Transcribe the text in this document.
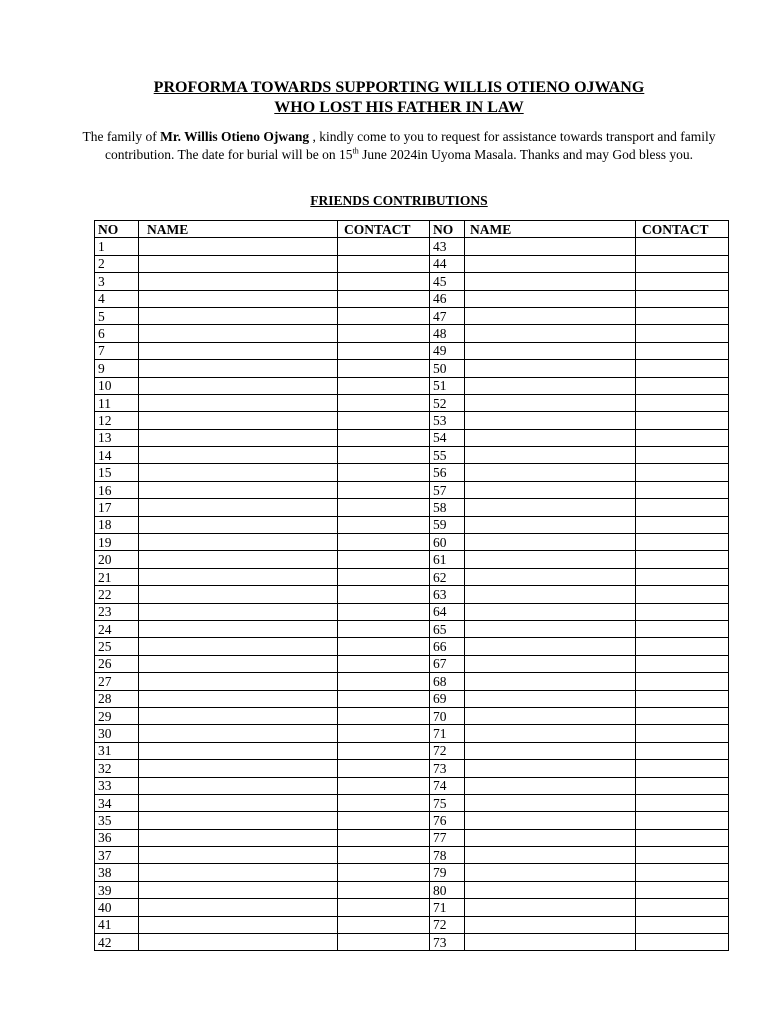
PROFORMA TOWARDS SUPPORTING WILLIS OTIENO OJWANG
WHO LOST HIS FATHER IN LAW
The family of Mr. Willis Otieno Ojwang , kindly come to you to request for assistance towards transport and family contribution. The date for burial will be on 15th June 2024in Uyoma Masala. Thanks and may God bless you.
FRIENDS CONTRIBUTIONS
NO	NAME	CONTACT	NO	NAME	CONTACT
1			43		
2			44		
3			45		
4			46		
5			47		
6			48		
7			49		
9			50		
10			51		
11			52		
12			53		
13			54		
14			55		
15			56		
16			57		
17			58		
18			59		
19			60		
20			61		
21			62		
22			63		
23			64		
24			65		
25			66		
26			67		
27			68		
28			69		
29			70		
30			71		
31			72		
32			73		
33			74		
34			75		
35			76		
36			77		
37			78		
38			79		
39			80		
40			71		
41			72		
42			73		
